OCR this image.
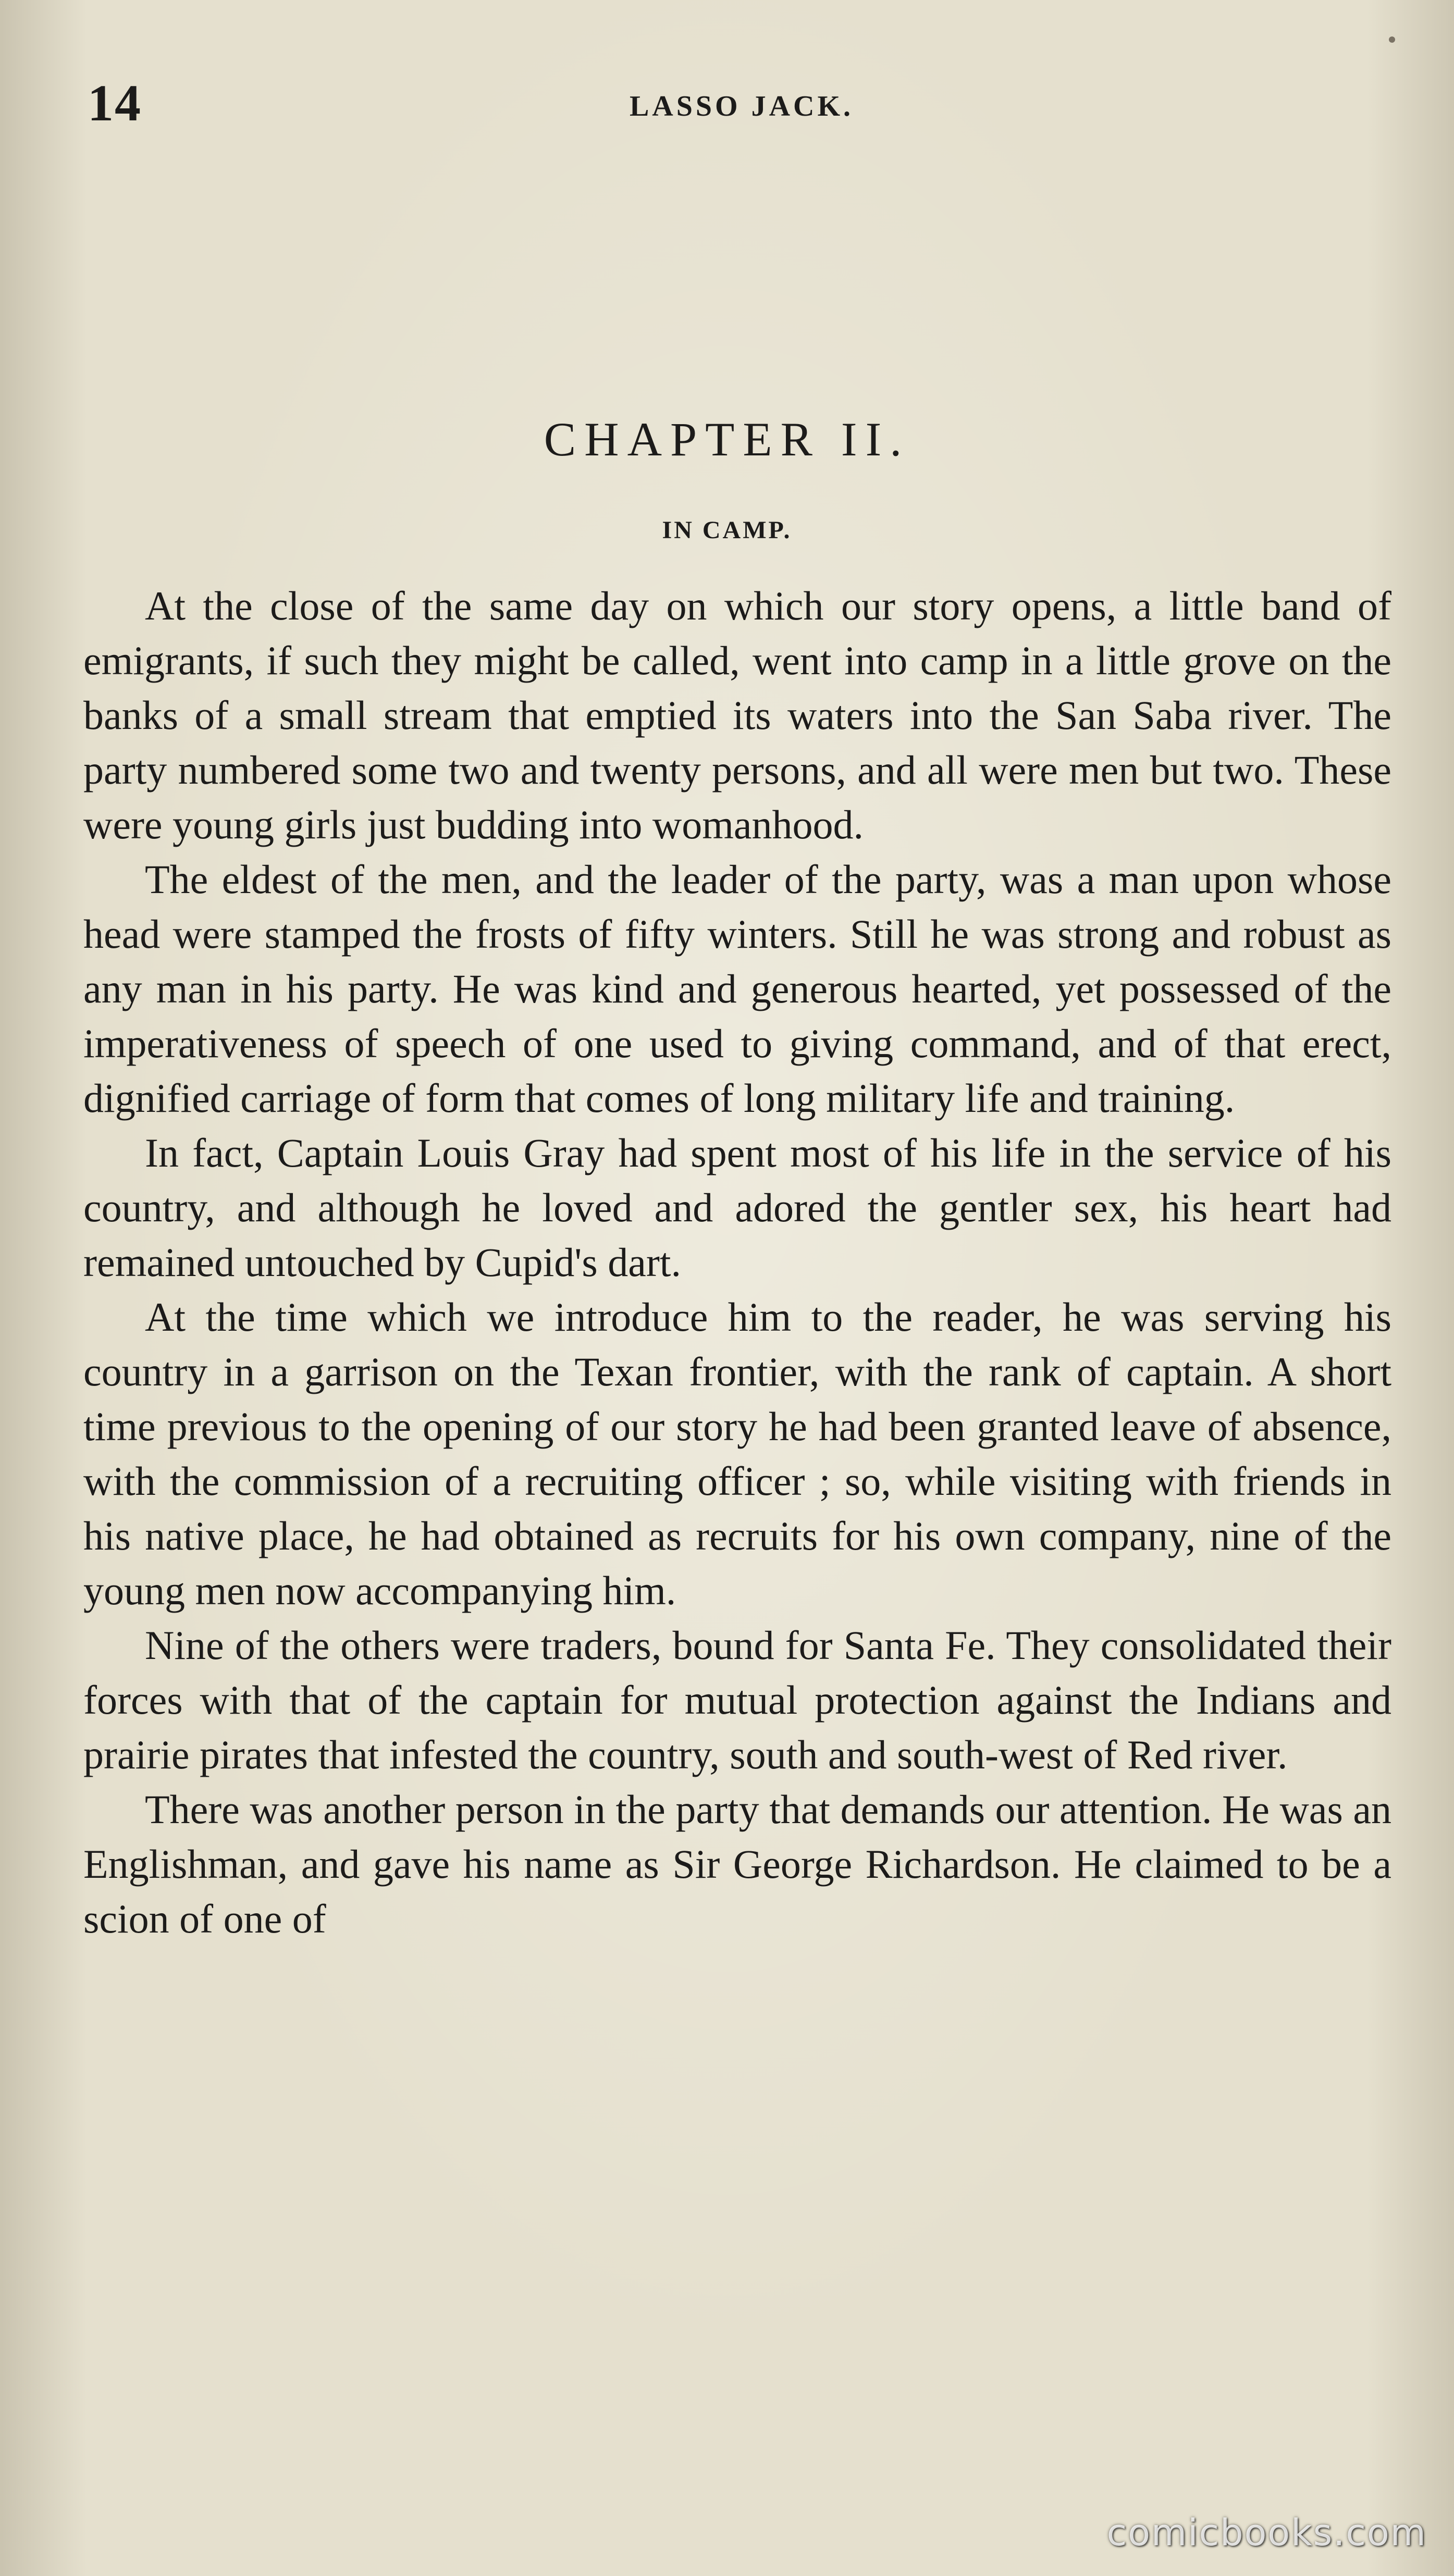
14	LASSO JACK.
CHAPTER II.
IN CAMP.

At the close of the same day on which our story opens, a little band of emigrants, if such they might be called, went into camp in a little grove on the banks of a small stream that emptied its waters into the San Saba river. The party numbered some two and twenty persons, and all were men but two. These were young girls just budding into womanhood.

The eldest of the men, and the leader of the party, was a man upon whose head were stamped the frosts of fifty winters. Still he was strong and robust as any man in his party. He was kind and generous hearted, yet possessed of the imperativeness of speech of one used to giving command, and of that erect, dignified carriage of form that comes of long military life and training.

In fact, Captain Louis Gray had spent most of his life in the service of his country, and although he loved and adored the gentler sex, his heart had remained untouched by Cupid's dart.

At the time which we introduce him to the reader, he was serving his country in a garrison on the Texan frontier, with the rank of captain. A short time previous to the opening of our story he had been granted leave of absence, with the commission of a recruiting officer ; so, while visiting with friends in his native place, he had obtained as recruits for his own company, nine of the young men now accompanying him.

Nine of the others were traders, bound for Santa Fe. They consolidated their forces with that of the captain for mutual protection against the Indians and prairie pirates that infested the country, south and south-west of Red river.

There was another person in the party that demands our attention. He was an Englishman, and gave his name as Sir George Richardson. He claimed to be a scion of one of

comicbooks.com
